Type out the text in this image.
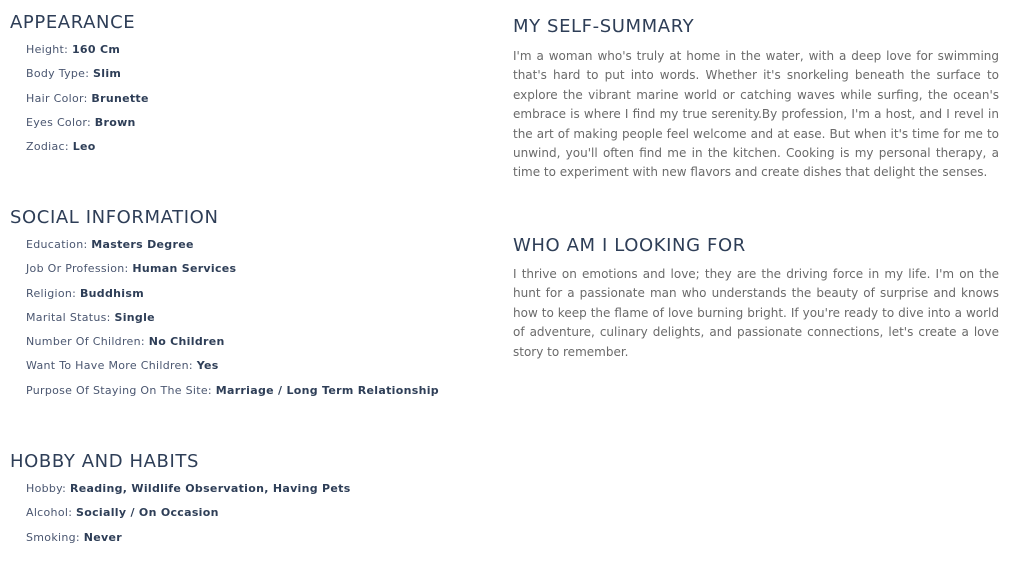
APPEARANCE
Height: 160 Cm
Body Type: Slim
Hair Color: Brunette
Eyes Color: Brown
Zodiac: Leo
SOCIAL INFORMATION
Education: Masters Degree
Job Or Profession: Human Services
Religion: Buddhism
Marital Status: Single
Number Of Children: No Children
Want To Have More Children: Yes
Purpose Of Staying On The Site: Marriage / Long Term Relationship
HOBBY AND HABITS
Hobby: Reading, Wildlife Observation, Having Pets
Alcohol: Socially / On Occasion
Smoking: Never
MY SELF-SUMMARY

I'm a woman who's truly at home in the water, with a deep love for swimming that's hard to put into words. Whether it's snorkeling beneath the surface to explore the vibrant marine world or catching waves while surfing, the ocean's embrace is where I find my true serenity.By profession, I'm a host, and I revel in the art of making people feel welcome and at ease. But when it's time for me to unwind, you'll often find me in the kitchen. Cooking is my personal therapy, a time to experiment with new flavors and create dishes that delight the senses.

WHO AM I LOOKING FOR

I thrive on emotions and love; they are the driving force in my life. I'm on the hunt for a passionate man who understands the beauty of surprise and knows how to keep the flame of love burning bright. If you're ready to dive into a world of adventure, culinary delights, and passionate connections, let's create a love story to remember.
